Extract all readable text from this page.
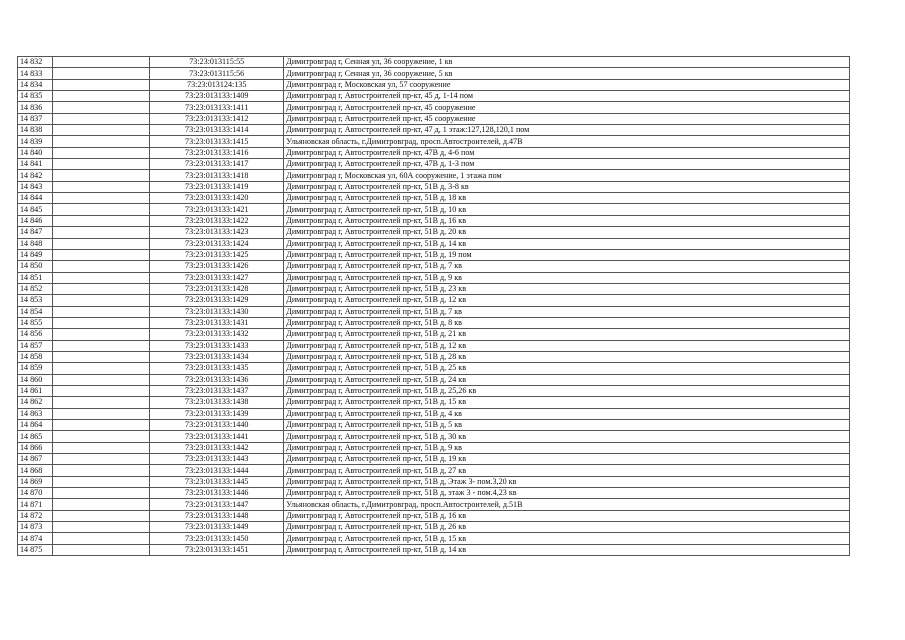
14 832		73:23:013115:55	Димитровград г, Сенная ул, 36 сооружение, 1 кв
14 833		73:23:013115:56	Димитровград г, Сенная ул, 36 сооружение, 5 кв
14 834		73:23:013124:135	Димитровград г, Московская ул, 57 сооружение
14 835		73:23:013133:1409	Димитровград г, Автостроителей пр-кт, 45 д, 1-14 пом
14 836		73:23:013133:1411	Димитровград г, Автостроителей пр-кт, 45 сооружение
14 837		73:23:013133:1412	Димитровград г, Автостроителей пр-кт, 45 сооружение
14 838		73:23:013133:1414	Димитровград г, Автостроителей пр-кт, 47 д, 1 этаж:127,128,120,1 пом
14 839		73:23:013133:1415	Ульяновская область, г.Димитровград, просп.Автостроителей, д.47В
14 840		73:23:013133:1416	Димитровград г, Автостроителей пр-кт, 47В д, 4-6 пом
14 841		73:23:013133:1417	Димитровград г, Автостроителей пр-кт, 47В д, 1-3 пом
14 842		73:23:013133:1418	Димитровград г, Московская ул, 60А сооружение, 1 этажа пом
14 843		73:23:013133:1419	Димитровград г, Автостроителей пр-кт, 51В д, 3-8 кв
14 844		73:23:013133:1420	Димитровград г, Автостроителей пр-кт, 51В д, 18 кв
14 845		73:23:013133:1421	Димитровград г, Автостроителей пр-кт, 51В д, 10 кв
14 846		73:23:013133:1422	Димитровград г, Автостроителей пр-кт, 51В д, 16 кв
14 847		73:23:013133:1423	Димитровград г, Автостроителей пр-кт, 51В д, 20 кв
14 848		73:23:013133:1424	Димитровград г, Автостроителей пр-кт, 51В д, 14 кв
14 849		73:23:013133:1425	Димитровград г, Автостроителей пр-кт, 51В д, 19 пом
14 850		73:23:013133:1426	Димитровград г, Автостроителей пр-кт, 51В д, 7 кв
14 851		73:23:013133:1427	Димитровград г, Автостроителей пр-кт, 51В д, 9 кв
14 852		73:23:013133:1428	Димитровград г, Автостроителей пр-кт, 51В д, 23 кв
14 853		73:23:013133:1429	Димитровград г, Автостроителей пр-кт, 51В д, 12 кв
14 854		73:23:013133:1430	Димитровград г, Автостроителей пр-кт, 51В д, 7 кв
14 855		73:23:013133:1431	Димитровград г, Автостроителей пр-кт, 51В д, 8 кв
14 856		73:23:013133:1432	Димитровград г, Автостроителей пр-кт, 51В д, 21 кв
14 857		73:23:013133:1433	Димитровград г, Автостроителей пр-кт, 51В д, 12 кв
14 858		73:23:013133:1434	Димитровград г, Автостроителей пр-кт, 51В д, 28 кв
14 859		73:23:013133:1435	Димитровград г, Автостроителей пр-кт, 51В д, 25 кв
14 860		73:23:013133:1436	Димитровград г, Автостроителей пр-кт, 51В д, 24 кв
14 861		73:23:013133:1437	Димитровград г, Автостроителей пр-кт, 51В д, 25,26 кв
14 862		73:23:013133:1438	Димитровград г, Автостроителей пр-кт, 51В д, 15 кв
14 863		73:23:013133:1439	Димитровград г, Автостроителей пр-кт, 51В д, 4 кв
14 864		73:23:013133:1440	Димитровград г, Автостроителей пр-кт, 51В д, 5 кв
14 865		73:23:013133:1441	Димитровград г, Автостроителей пр-кт, 51В д, 30 кв
14 866		73:23:013133:1442	Димитровград г, Автостроителей пр-кт, 51В д, 9 кв
14 867		73:23:013133:1443	Димитровград г, Автостроителей пр-кт, 51В д, 19 кв
14 868		73:23:013133:1444	Димитровград г, Автостроителей пр-кт, 51В д, 27 кв
14 869		73:23:013133:1445	Димитровград г, Автостроителей пр-кт, 51В д, Этаж 3- пом.3,20 кв
14 870		73:23:013133:1446	Димитровград г, Автостроителей пр-кт, 51В д, этаж 3 - пом.4,23 кв
14 871		73:23:013133:1447	Ульяновская область, г.Димитровград, просп.Автостроителей, д.51В
14 872		73:23:013133:1448	Димитровград г, Автостроителей пр-кт, 51В д, 16 кв
14 873		73:23:013133:1449	Димитровград г, Автостроителей пр-кт, 51В д, 26 кв
14 874		73:23:013133:1450	Димитровград г, Автостроителей пр-кт, 51В д, 15 кв
14 875		73:23:013133:1451	Димитровград г, Автостроителей пр-кт, 51В д, 14 кв
